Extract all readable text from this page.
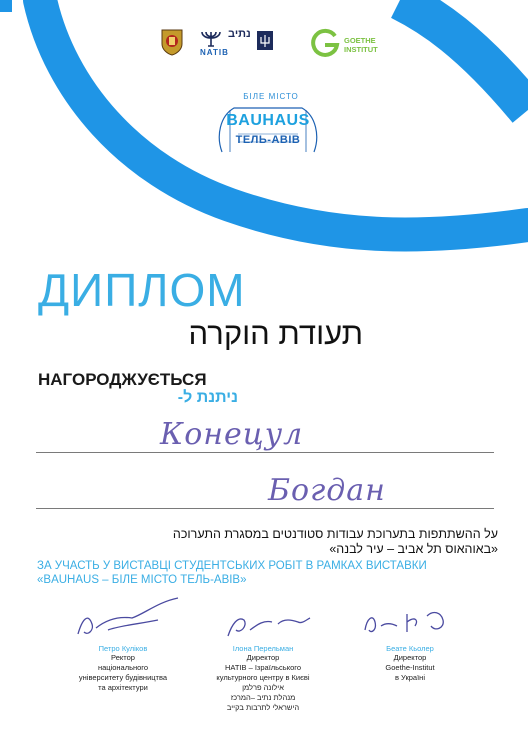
נתיב
NATIB
GOETHE
INSTITUT
БІЛЕ МІСТО
BAUHAUS
ТЕЛЬ-АВІВ
ДИПЛОМ
תעודת הוקרה
НАГОРОДЖУЄТЬСЯ
ניתנת ל-
Конецул
Богдан
על ההשתתפות בתערוכת עבודות סטודנטים במסגרת התערוכה
«באוהאוס תל אביב – עיר לבנה»
ЗА УЧАСТЬ У ВИСТАВЦІ СТУДЕНТСЬКИХ РОБІТ В РАМКАХ ВИСТАВКИ
«BAUHAUS – БІЛЕ МІСТО ТЕЛЬ-АВІВ»
Петро Куліков
Ректор
національного
університету будівництва
та архітектури
Ілона Перельман
Директор
НАТІВ – Ізраїльського
культурного центру в Києві
אילונה פרלמן
מנהלת נתיב –המרכז
הישראלי לתרבות בקייב
Беате Кьолер
Директор
Goethe-Institut
в Україні
